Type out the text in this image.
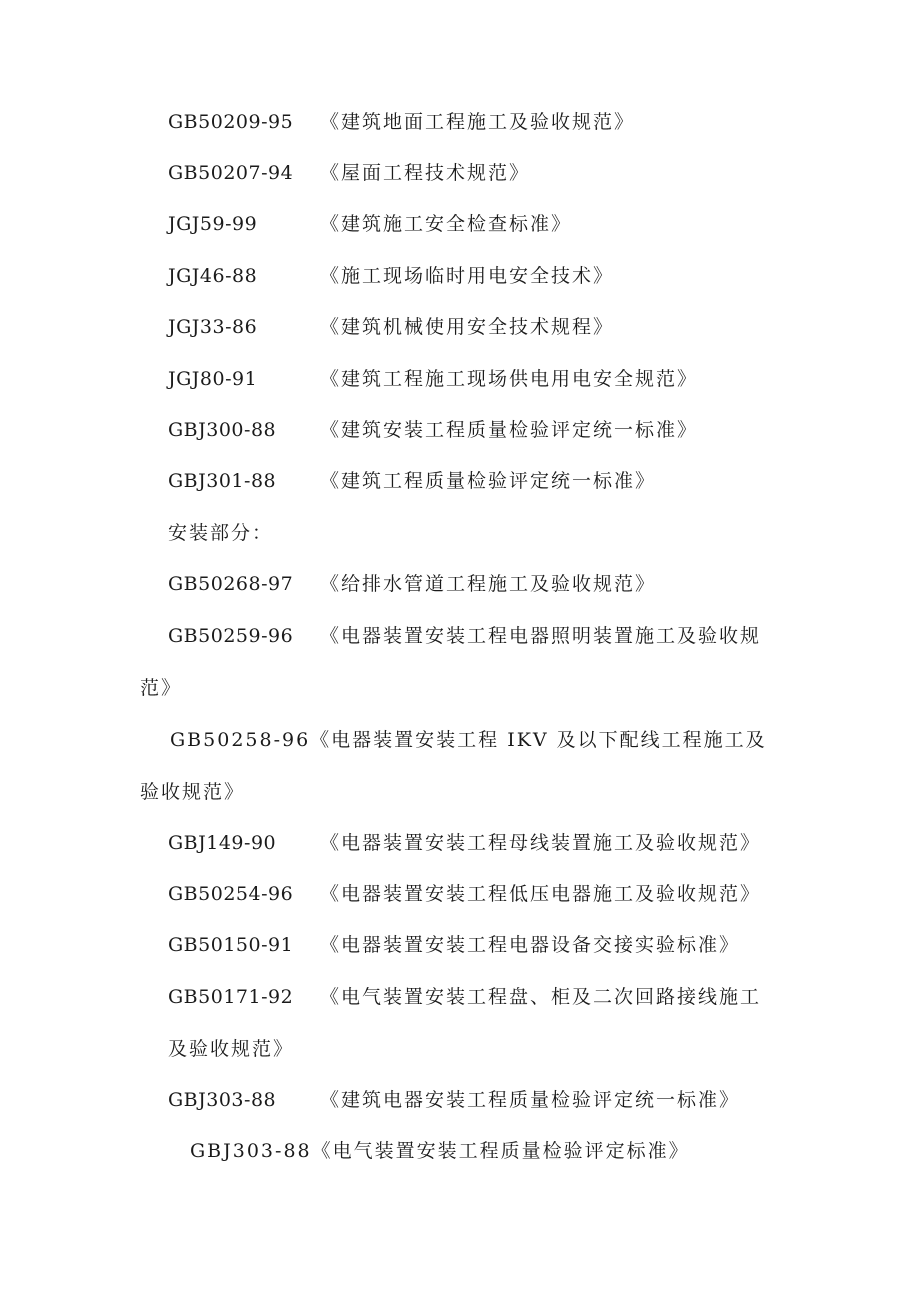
GB50209-95 《建筑地面工程施工及验收规范》
GB50207-94 《屋面工程技术规范》
JGJ59-99	《建筑施工安全检查标准》
JGJ46-88	《施工现场临时用电安全技术》
JGJ33-86	《建筑机械使用安全技术规程》
JGJ80-91	《建筑工程施工现场供电用电安全规范》
GBJ300-88 《建筑安装工程质量检验评定统一标准》
GBJ301-88 《建筑工程质量检验评定统一标准》
安装部分：
GB50268-97 《给排水管道工程施工及验收规范》
GB50259-96 《电器装置安装工程电器照明装置施工及验收规
范》
GB50258-96《电器装置安装工程 IKV 及以下配线工程施工及
验收规范》
GBJ149-90 《电器装置安装工程母线装置施工及验收规范》
GB50254-96 《电器装置安装工程低压电器施工及验收规范》
GB50150-91 《电器装置安装工程电器设备交接实验标准》
GB50171-92 《电气装置安装工程盘、柜及二次回路接线施工
及验收规范》
GBJ303-88 《建筑电器安装工程质量检验评定统一标准》
GBJ303-88《电气装置安装工程质量检验评定标准》
